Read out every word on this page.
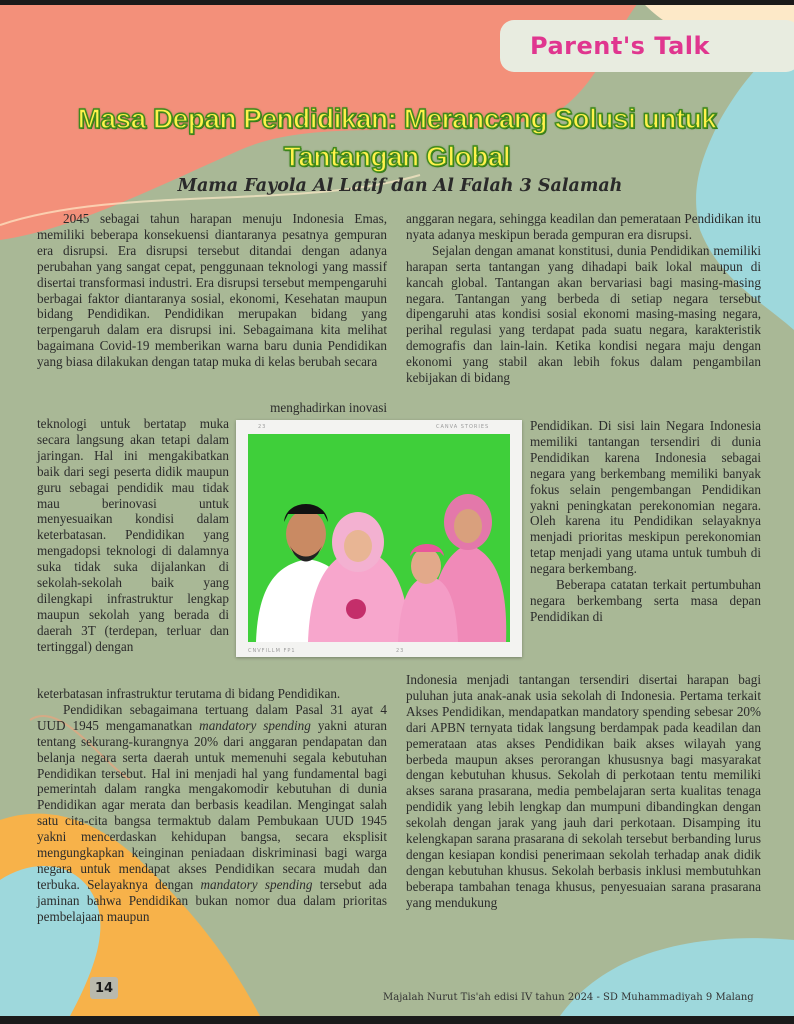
Parent's Talk
Masa Depan Pendidikan: Merancang Solusi untuk
Tantangan Global
Mama Fayola Al Latif dan Al Falah 3 Salamah

2045 sebagai tahun harapan menuju Indonesia Emas, memiliki beberapa konsekuensi diantaranya pesatnya gempuran era disrupsi. Era disrupsi tersebut ditandai dengan adanya perubahan yang sangat cepat, penggunaan teknologi yang massif disertai transformasi industri. Era disrupsi tersebut mempengaruhi berbagai faktor diantaranya sosial, ekonomi, Kesehatan maupun bidang Pendidikan. Pendidikan merupakan bidang yang terpengaruh dalam era disrupsi ini. Sebagaimana kita melihat bagaimana Covid-19 memberikan warna baru dunia Pendidikan yang biasa dilakukan dengan tatap muka di kelas berubah secara

menghadirkan inovasi

teknologi untuk bertatap muka secara langsung akan tetapi dalam jaringan. Hal ini mengakibatkan baik dari segi peserta didik maupun guru sebagai pendidik mau tidak mau berinovasi untuk menyesuaikan kondisi dalam keterbatasan. Pendidikan yang mengadopsi teknologi di dalamnya suka tidak suka dijalankan di sekolah-sekolah baik yang dilengkapi infrastruktur lengkap maupun sekolah yang berada di daerah 3T (terdepan, terluar dan tertinggal) dengan

keterbatasan infrastruktur terutama di bidang Pendidikan.

Pendidikan sebagaimana tertuang dalam Pasal 31 ayat 4 UUD 1945 mengamanatkan mandatory spending yakni aturan tentang sekurang-kurangnya 20% dari anggaran pendapatan dan belanja negara serta daerah untuk memenuhi segala kebutuhan Pendidikan tersebut. Hal ini menjadi hal yang fundamental bagi pemerintah dalam rangka mengakomodir kebutuhan di dunia Pendidikan agar merata dan berbasis keadilan. Mengingat salah satu cita-cita bangsa termaktub dalam Pembukaan UUD 1945 yakni mencerdaskan kehidupan bangsa, secara eksplisit mengungkapkan keinginan peniadaan diskriminasi bagi warga negara untuk mendapat akses Pendidikan secara mudah dan terbuka. Selayaknya dengan mandatory spending tersebut ada jaminan bahwa Pendidikan bukan nomor dua dalam prioritas pembelajaan maupun

anggaran negara, sehingga keadilan dan pemerataan Pendidikan itu nyata adanya meskipun berada gempuran era disrupsi.

Sejalan dengan amanat konstitusi, dunia Pendidikan memiliki harapan serta tantangan yang dihadapi baik lokal maupun di kancah global. Tantangan akan bervariasi bagi masing-masing negara. Tantangan yang berbeda di setiap negara tersebut dipengaruhi atas kondisi sosial ekonomi masing-masing negara, perihal regulasi yang terdapat pada suatu negara, karakteristik demografis dan lain-lain. Ketika kondisi negara maju dengan ekonomi yang stabil akan lebih fokus dalam pengambilan kebijakan di bidang

Pendidikan. Di sisi lain Negara Indonesia memiliki tantangan tersendiri di dunia Pendidikan karena Indonesia sebagai negara yang berkembang memiliki banyak fokus selain pengembangan Pendidikan yakni peningkatan perekonomian negara. Oleh karena itu Pendidikan selayaknya menjadi prioritas meskipun perekonomian tetap menjadi yang utama untuk tumbuh di negara berkembang.

Beberapa catatan terkait pertumbuhan negara berkembang serta masa depan Pendidikan di

Indonesia menjadi tantangan tersendiri disertai harapan bagi puluhan juta anak-anak usia sekolah di Indonesia. Pertama terkait Akses Pendidikan, mendapatkan mandatory spending sebesar 20% dari APBN ternyata tidak langsung berdampak pada keadilan dan pemerataan atas akses Pendidikan baik akses wilayah yang berbeda maupun akses perorangan khususnya bagi masyarakat dengan kebutuhan khusus. Sekolah di perkotaan tentu memiliki akses sarana prasarana, media pembelajaran serta kualitas tenaga pendidik yang lebih lengkap dan mumpuni dibandingkan dengan sekolah dengan jarak yang jauh dari perkotaan. Disamping itu kelengkapan sarana prasarana di sekolah tersebut berbanding lurus dengan kesiapan kondisi penerimaan sekolah terhadap anak didik dengan kebutuhan khusus. Sekolah berbasis inklusi membutuhkan beberapa tambahan tenaga khusus, penyesuaian sarana prasarana yang mendukung

23	CANVA STORIES
CNVFILLM FP1	23
14
Majalah Nurut Tis'ah edisi IV tahun 2024 - SD Muhammadiyah 9 Malang
